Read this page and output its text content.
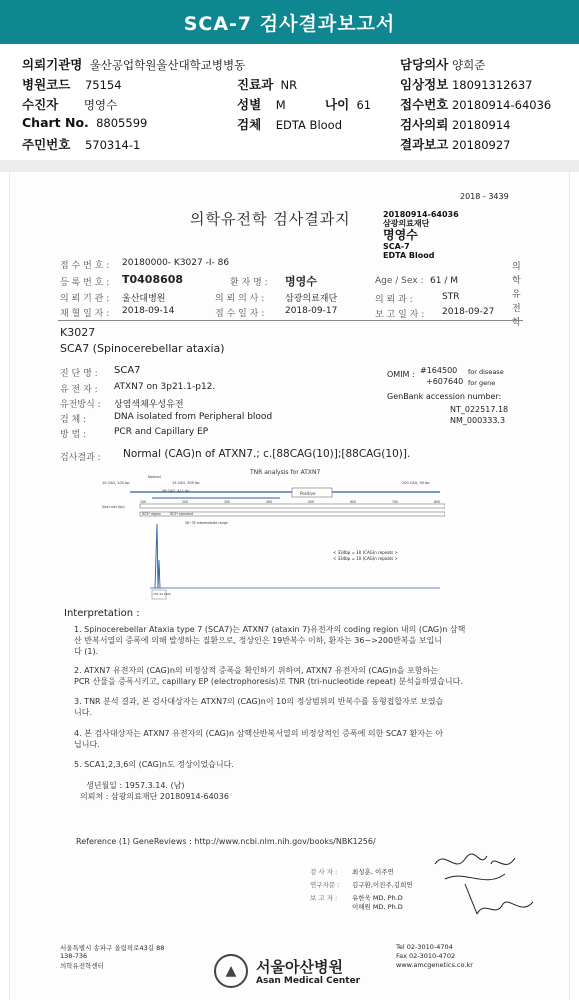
SCA-7 검사결과보고서
의뢰기관명 울산공업학원울산대학교병병동	담당의사 양희준
병원코드 75154	진료과 NR	임상정보 18091312637
수진자 명영수	성별 M	나이 61 접수번호 20180914-64036
Chart No. 8805599	검체 EDTA Blood	검사의뢰 20180914
주민번호 570314-1	결과보고 20180927
2018 - 3439
의학유전학 검사결과지	20180914-64036
삼광의료재단
명영수
SCA-7
EDTA Blood
의학유전학
접 수 번 호 : 20180000- K3027 -I- 86
등 록 번 호 : T0408608	환 자 명 : 명영수	Age / Sex : 61 / M
의 뢰 기 관 : 울산대병원	의 뢰 의 사 : 삼광의료재단	의 뢰 과 :	STR
채 혈 일 자 : 2018-09-14	접 수 일 자 : 2018-09-17	보 고 일 자 : 2018-09-27
K3027
SCA7 (Spinocerebellar ataxia)
진 단 명 : SCA7
유 전 자 : ATXN7 on 3p21.1-p12.
유전방식 : 상염색체우성유전
검 체 :	DNA isolated from Peripheral blood
방 법 :	PCR and Capillary EP
OMIM : #164500 for disease
+607640 for gene
GenBank accession number:
NT_022517.18
NM_000333.3
검사결과 : Normal (CAG)n of ATXN7.; c.[88CAG(10)];[88CAG(10)].
TNR analysis for ATXN7
10 CAG, 100 bp
Normal
15 CAG, 305 bp
36 CAG, 411 bp	Positive
200 CAG, 90 bp
Size ruler (bp)
RCS* region	RCS* standard
28~35 intermediate range
100	200	300	400	500	600	700	800
334.40 3404
< 334bp = 10 (CAG)n repeats >
< 334bp = 10 (CAG)n repeats >
Interpretation :
1. Spinocerebellar Ataxia type 7 (SCA7)는 ATXN7 (ataxin 7)유전자의 coding region 내의 (CAG)n 삼핵
산 반복서열의 증폭에 의해 발생하는 질환으로, 정상인은 19반복수 이하, 환자는 36~>200반복을 보입니
다 (1).
2. ATXN7 유전자의 (CAG)n의 비정상적 증폭을 확인하기 위하여, ATXN7 유전자의 (CAG)n을 포함하는
PCR 산물을 증폭시키고, capillary EP (electrophoresis)로 TNR (tri-nucleotide repeat) 분석을하였습니다.
3. TNR 분석 결과, 본 검사대상자는 ATXN7의 (CAG)n이 10의 정상범위의 반복수를 동형접합자로 보였습
니다.
4. 본 검사대상자는 ATXN7 유전자의 (CAG)n 삼핵산반복서열의 비정상적인 증폭에 의한 SCA7 환자는 아
닙니다.
5. SCA1,2,3,6의 (CAG)n도 정상이었습니다.
생년월일 : 1957.3.14. (남)
의뢰처 : 삼광의료재단 20180914-64036
Reference (1) GeneReviews : http://www.ncbi.nlm.nih.gov/books/NBK1256/
검 사 자 : 최성훈, 이주연
연구자문 : 김구환,이진주,김희연
보 고 자 : 유한욱 MD, Ph.D
이해원 MD, Ph.D
서울특별시 송파구 올림픽로43길 88
138-736
의학유전학센터	▲	서울아산병원
Asan Medical Center
Tel 02-3010-4704
Fax 02-3010-4702
www.amcgenetics.co.kr
